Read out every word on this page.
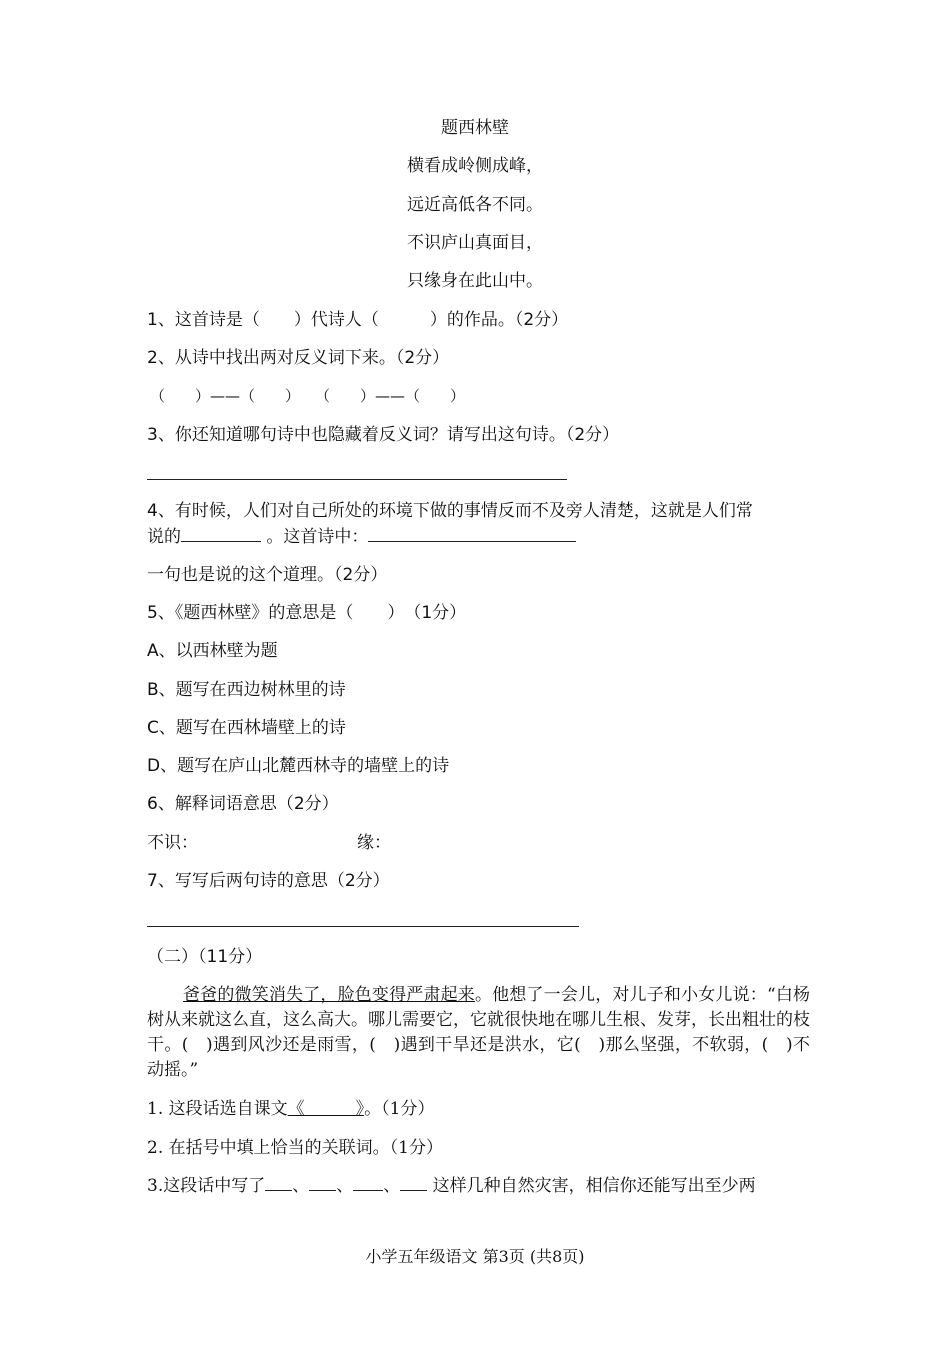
题西林壁
横看成岭侧成峰，
远近高低各不同。
不识庐山真面目，
只缘身在此山中。
1、这首诗是（　　）代诗人（　　　）的作品。（2分）
2、从诗中找出两对反义词下来。（2分）
（　　）——（　　）　　（　　）——（　　）
3、你还知道哪句诗中也隐藏着反义词？请写出这句诗。（2分）
4、有时候，人们对自己所处的环境下做的事情反而不及旁人清楚，这就是人们常
说的	。这首诗中：
一句也是说的这个道理。（2分）
5、《题西林壁》的意思是（　　）　（1分）
A、以西林壁为题
B、题写在西边树林里的诗
C、题写在西林墙壁上的诗
D、题写在庐山北麓西林寺的墙壁上的诗
6、解释词语意思（2分）
不识：	缘：
7、写写后两句诗的意思（2分）
（二）（11分）
爸爸的微笑消失了，脸色变得严肃起来。他想了一会儿，对儿子和小女儿说：“白杨树从来就这么直，这么高大。哪儿需要它，它就很快地在哪儿生根、发芽，长出粗壮的枝干。(　)遇到风沙还是雨雪，(　)遇到干旱还是洪水，它(　)那么坚强，不软弱，(　)不动摇。”
1. 这段话选自课文《　　　》。（1分）
2. 在括号中填上恰当的关联词。（1分）
3.这段话中写了 、 、 、 这样几种自然灾害，相信你还能写出至少两
小学五年级语文 第3页 (共8页)
